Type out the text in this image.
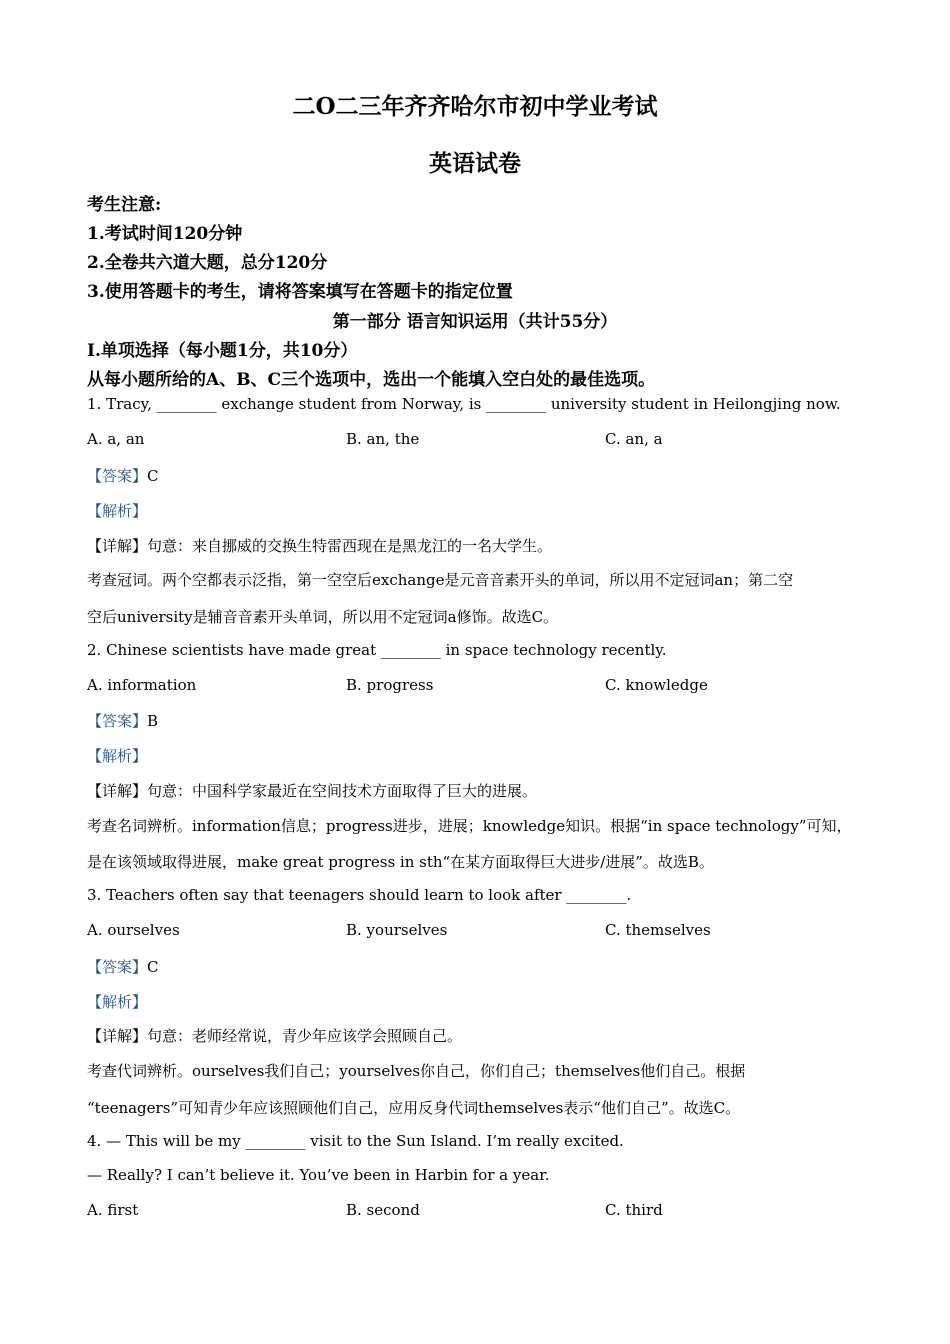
二O二三年齐齐哈尔市初中学业考试
英语试卷
考生注意:
1.考试时间120分钟
2.全卷共六道大题，总分120分
3.使用答题卡的考生，请将答案填写在答题卡的指定位置
第一部分 语言知识运用（共计55分）
Ⅰ.单项选择（每小题1分，共10分）
从每小题所给的A、B、C三个选项中，选出一个能填入空白处的最佳选项。
1. Tracy, ________ exchange student from Norway, is ________ university student in Heilongjing now.
A. a, an	B. an, the	C. an, a
【答案】C
【解析】
【详解】句意：来自挪威的交换生特雷西现在是黑龙江的一名大学生。
考查冠词。两个空都表示泛指，第一空空后exchange是元音音素开头的单词，所以用不定冠词an；第二空
空后university是辅音音素开头单词，所以用不定冠词a修饰。故选C。
2. Chinese scientists have made great ________ in space technology recently.
A. information	B. progress	C. knowledge
【答案】B
【解析】
【详解】句意：中国科学家最近在空间技术方面取得了巨大的进展。
考查名词辨析。information信息；progress进步，进展；knowledge知识。根据“in space technology”可知，
是在该领域取得进展，make great progress in sth“在某方面取得巨大进步/进展”。故选B。
3. Teachers often say that teenagers should learn to look after ________.
A. ourselves	B. yourselves	C. themselves
【答案】C
【解析】
【详解】句意：老师经常说，青少年应该学会照顾自己。
考查代词辨析。ourselves我们自己；yourselves你自己，你们自己；themselves他们自己。根据
“teenagers”可知青少年应该照顾他们自己，应用反身代词themselves表示“他们自己”。故选C。
4. — This will be my ________ visit to the Sun Island. I’m really excited.
— Really? I can’t believe it. You’ve been in Harbin for a year.
A. first	B. second	C. third
